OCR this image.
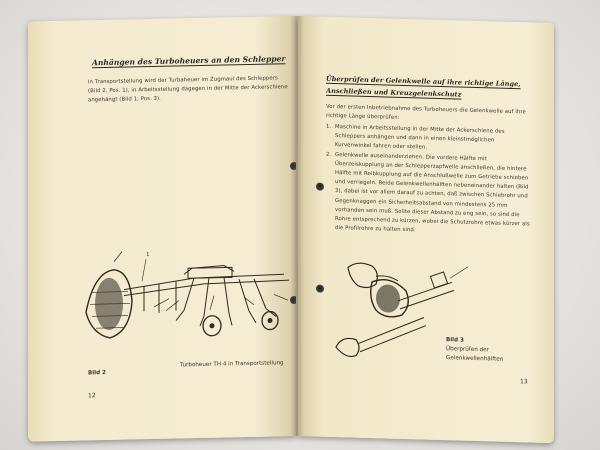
Anhängen des Turboheuers an den Schlepper
In Transportstellung wird der Turbaheuer im Zugmaul des Schleppers (Bild 2, Pos. 1), in Arbeitsstellung dagegen in der Mitte der Ackerschiene angehängt (Bild 1, Pos. 3).
1
Bild 2
Turboheuer TH 4 in Transportstellung
12
Überprüfen der Gelenkwelle auf ihre richtige Länge,
Anschließen und Kreuzgelenkschutz
Vor der ersten Inbetriebnahme des Turboheuers die Gelenkwelle auf ihre richtige Länge überprüfen:
1. Maschine in Arbeitsstellung in der Mitte der Ackerschiene des Schleppers anhängen und dann in einen kleinstmöglichen Kurvenwinkel fahren oder stellen.
2. Gelenkwelle auseinanderziehen. Die vordere Hälfte mit Überzeiskupplung an der Schlepperzapfwelle anschließen, die hintere Hälfte mit Reibkupplung auf die Anschlußwelle zum Getriebe schieben und verriegeln. Beide Gelenkwellenhälften nebeneinander halten (Bild 3), dabei ist vor allem darauf zu achten, daß zwischen Schiebrohr und Gegenknaggen ein Sicherheitsabstand von mindestens 25 mm vorhanden sein muß. Sollte dieser Abstand zu eng sein, so sind die Rohre entsprechend zu kürzen, wobei die Schutzrohre etwas kürzer als die Profilrohre zu halten sind.
Bild 3
Überprüfen der
Gelenkwellenhälften
13
